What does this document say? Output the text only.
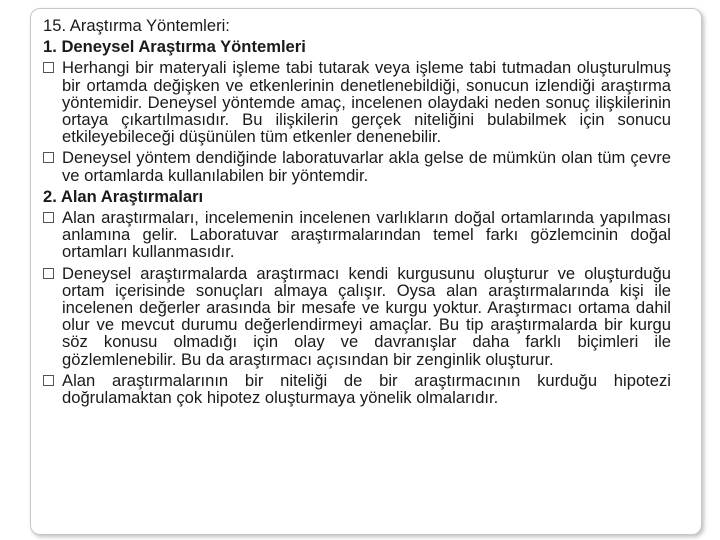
15. Araştırma Yöntemleri:
1. Deneysel Araştırma Yöntemleri
Herhangi bir materyali işleme tabi tutarak veya işleme tabi tutmadan oluşturulmuş bir ortamda değişken ve etkenlerinin denetlenebildiği, sonucun izlendiği araştırma yöntemidir. Deneysel yöntemde amaç, incelenen olaydaki neden sonuç ilişkilerinin ortaya çıkartılmasıdır. Bu ilişkilerin gerçek niteliğini bulabilmek için sonucu etkileyebileceği düşünülen tüm etkenler denenebilir.
Deneysel yöntem dendiğinde laboratuvarlar akla gelse de mümkün olan tüm çevre ve ortamlarda kullanılabilen bir yöntemdir.
2. Alan Araştırmaları
Alan araştırmaları, incelemenin incelenen varlıkların doğal ortamlarında yapılması anlamına gelir. Laboratuvar araştırmalarından temel farkı gözlemcinin doğal ortamları kullanmasıdır.
Deneysel araştırmalarda araştırmacı kendi kurgusunu oluşturur ve oluşturduğu ortam içerisinde sonuçları almaya çalışır. Oysa alan araştırmalarında kişi ile incelenen değerler arasında bir mesafe ve kurgu yoktur. Araştırmacı ortama dahil olur ve mevcut durumu değerlendirmeyi amaçlar. Bu tip araştırmalarda bir kurgu söz konusu olmadığı için olay ve davranışlar daha farklı biçimleri ile gözlemlenebilir. Bu da araştırmacı açısından bir zenginlik oluşturur.
Alan araştırmalarının bir niteliği de bir araştırmacının kurduğu hipotezi doğrulamaktan çok hipotez oluşturmaya yönelik olmalarıdır.
